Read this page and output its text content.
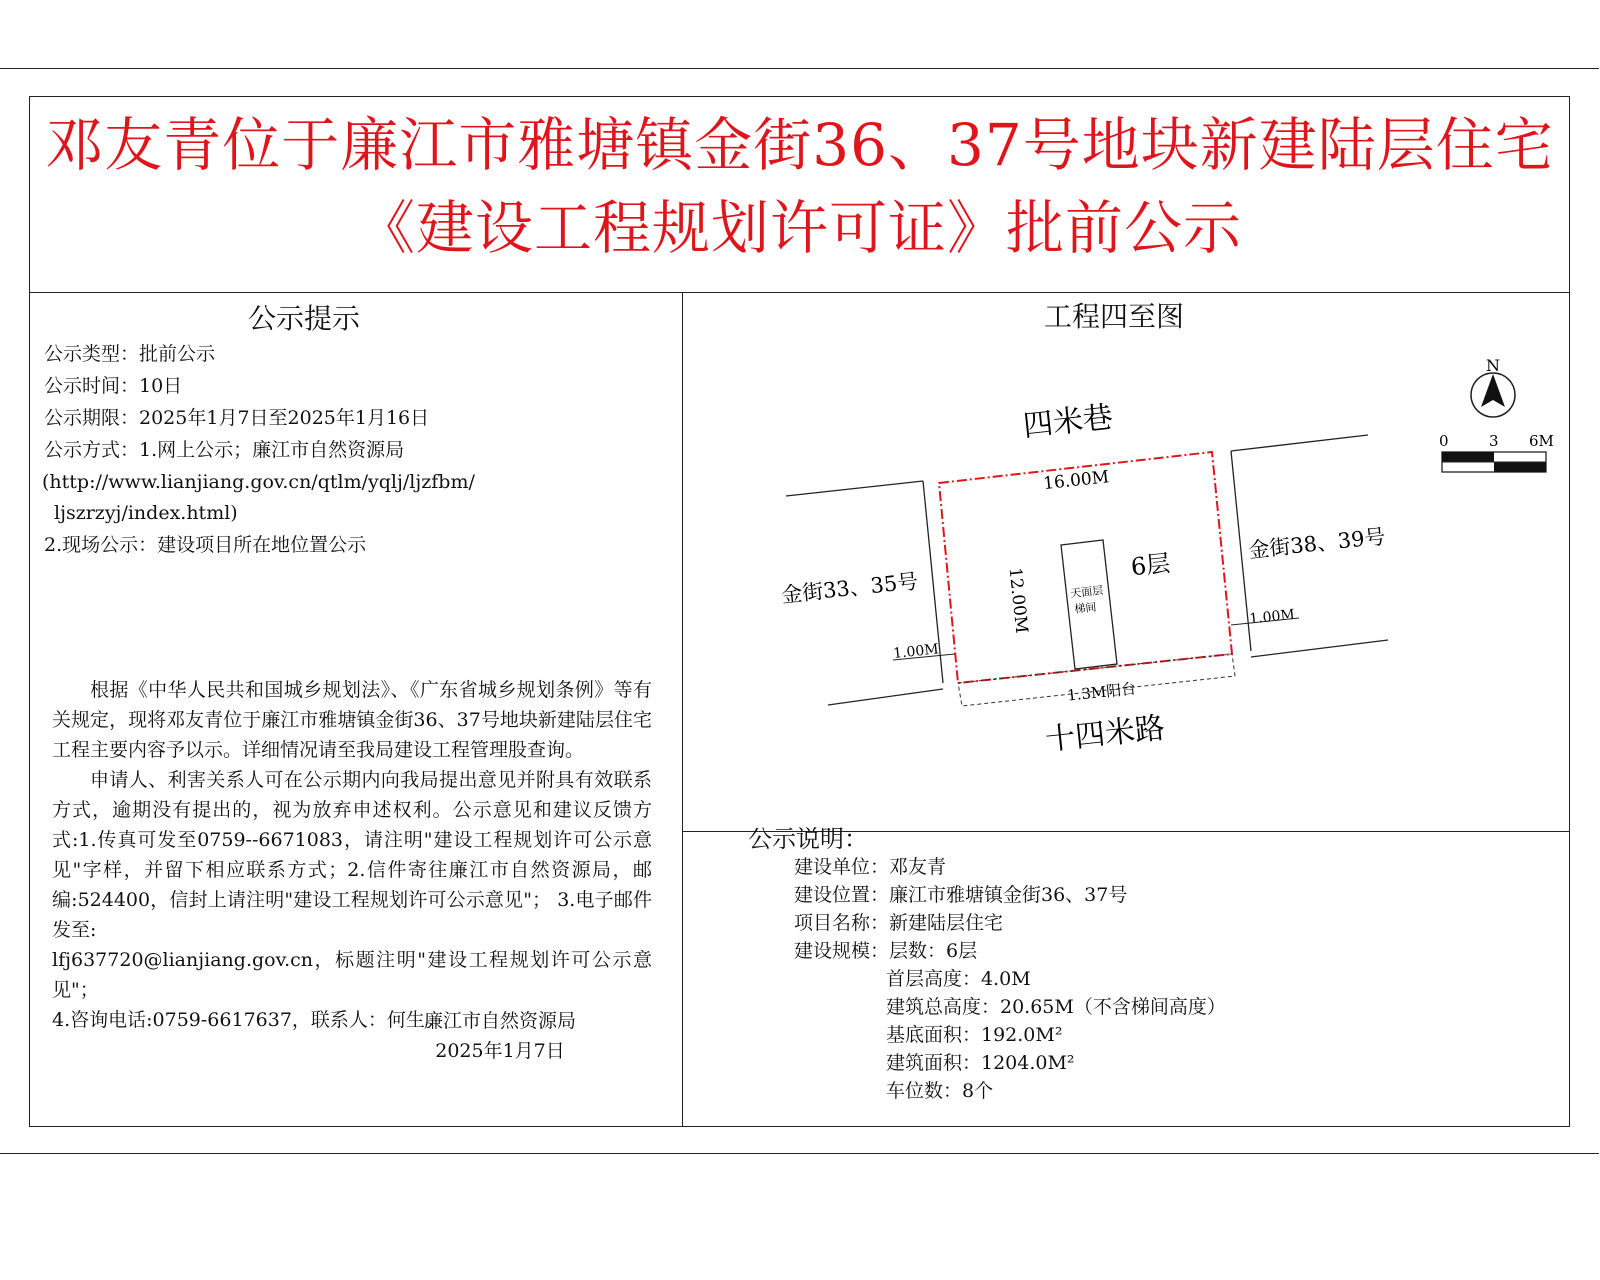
邓友青位于廉江市雅塘镇金街36、37号地块新建陆层住宅
《建设工程规划许可证》批前公示
公示提示
公示类型：批前公示
公示时间：10日
公示期限：2025年1月7日至2025年1月16日
公示方式：1.网上公示；廉江市自然资源局
(http://www.lianjiang.gov.cn/qtlm/yqlj/ljzfbm/
ljszrzyj/index.html)
2.现场公示：建设项目所在地位置公示

根据《中华人民共和国城乡规划法》、《广东省城乡规划条例》等有关规定，现将邓友青位于廉江市雅塘镇金街36、37号地块新建陆层住宅工程主要内容予以示。详细情况请至我局建设工程管理股查询。

申请人、利害关系人可在公示期内向我局提出意见并附具有效联系方式，逾期没有提出的，视为放弃申述权利。公示意见和建议反馈方式:1.传真可发至0759--6671083，请注明"建设工程规划许可公示意见"字样，并留下相应联系方式；2.信件寄往廉江市自然资源局，邮编:524400，信封上请注明"建设工程规划许可公示意见"； 3.电子邮件发至:

lfj637720@lianjiang.gov.cn，标题注明"建设工程规划许可公示意见"；

4.咨询电话:0759-6617637，联系人：何生。

廉江市自然资源局
2025年1月7日
工程四至图
天面层
梯间
四米巷
十四米路
金街33、35号
金街38、39号
16.00M
12.00M
6层
1.00M
1.00M
1.3M阳台
N
0	3 6M
公示说明：
建设单位：邓友青
建设位置：廉江市雅塘镇金街36、37号
项目名称：新建陆层住宅
建设规模：层数：6层
首层高度：4.0M
建筑总高度：20.65M（不含梯间高度）
基底面积：192.0M²
建筑面积：1204.0M²
车位数：8个
